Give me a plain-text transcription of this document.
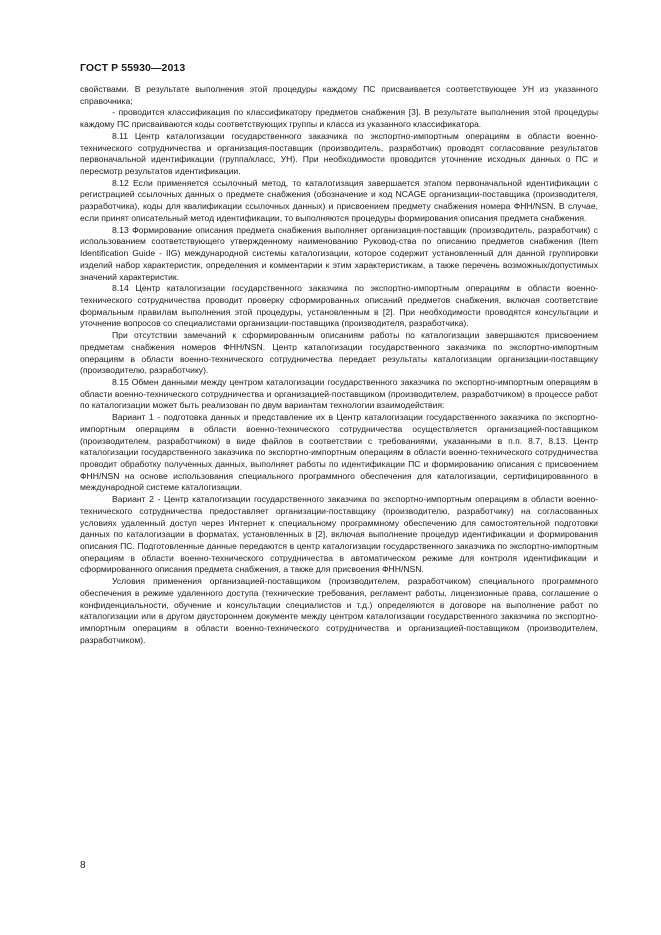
ГОСТ Р 55930—2013

свойствами. В результате выполнения этой процедуры каждому ПС присваивается соответствующее УН из указанного справочника;

- проводится классификация по классификатору предметов снабжения [3]. В результате выполнения этой процедуры каждому ПС присваиваются коды соответствующих группы и класса из указанного классификатора.

8.11 Центр каталогизации государственного заказчика по экспортно-импортным операциям в области военно-технического сотрудничества и организация-поставщик (производитель, разработчик) проводят согласование результатов первоначальной идентификации (группа/класс, УН). При необходимости проводится уточнение исходных данных о ПС и пересмотр результатов идентификации.

8.12 Если применяется ссылочный метод, то каталогизация завершается этапом первоначальной идентификации с регистрацией ссылочных данных о предмете снабжения (обозначение и код NCAGE организации-поставщика (производителя, разработчика), коды для квалификации ссылочных данных) и присвоением предмету снабжения номера ФНН/NSN. В случае, если принят описательный метод идентификации, то выполняются процедуры формирования описания предмета снабжения.

8.13 Формирование описания предмета снабжения выполняет организация-поставщик (производитель, разработчик) с использованием соответствующего утвержденному наименованию Руковод-ства по описанию предметов снабжения (Item Identification Guide - IIG) международной системы каталогизации, которое содержит установленный для данной группировки изделий набор характеристик, определения и комментарии к этим характеристикам, а также перечень возможных/допустимых значений характеристик.

8.14 Центр каталогизации государственного заказчика по экспортно-импортным операциям в области военно-технического сотрудничества проводит проверку сформированных описаний предметов снабжения, включая соответствие формальным правилам выполнения этой процедуры, установленным в [2]. При необходимости проводятся консультации и уточнение вопросов со специалистами организации-поставщика (производителя, разработчика).

При отсутствии замечаний к сформированным описаниям работы по каталогизации завершаются присвоением предметам снабжения номеров ФНН/NSN. Центр каталогизации государственного заказчика по экспортно-импортным операциям в области военно-технического сотрудничества передает результаты каталогизации организации-поставщику (производителю, разработчику).

8.15 Обмен данными между центром каталогизации государственного заказчика по экспортно-импортным операциям в области военно-технического сотрудничества и организацией-поставщиком (производителем, разработчиком) в процессе работ по каталогизации может быть реализован по двум вариантам технологии взаимодействия:

Вариант 1 - подготовка данных и представление их в Центр каталогизации государственного заказчика по экспортно-импортным операциям в области военно-технического сотрудничества осуществляется организацией-поставщиком (производителем, разработчиком) в виде файлов в соответствии с требованиями, указанными в п.п. 8.7, 8.13. Центр каталогизации государственного заказчика по экспортно-импортным операциям в области военно-технического сотрудничества проводит обработку полученных данных, выполняет работы по идентификации ПС и формированию описания с присвоением ФНН/NSN на основе использования специального программного обеспечения для каталогизации, сертифицированного в международной системе каталогизации.

Вариант 2 - Центр каталогизации государственного заказчика по экспортно-импортным операциям в области военно-технического сотрудничества предоставляет организации-поставщику (производителю, разработчику) на согласованных условиях удаленный доступ через Интернет к специальному программному обеспечению для самостоятельной подготовки данных по каталогизации в форматах, установленных в [2], включая выполнение процедур идентификации и формирования описания ПС. Подготовленные данные передаются в центр каталогизации государственного заказчика по экспортно-импортным операциям в области военно-технического сотрудничества в автоматическом режиме для контроля идентификации и сформированного описания предмета снабжения, а также для присвоения ФНН/NSN.

Условия применения организацией-поставщиком (производителем, разработчиком) специального программного обеспечения в режиме удаленного доступа (технические требования, регламент работы, лицензионные права, соглашение о конфиденциальности, обучение и консультации специалистов и т.д.) определяются в договоре на выполнение работ по каталогизации или в другом двустороннем документе между центром каталогизации государственного заказчика по экспортно-импортным операциям в области военно-технического сотрудничества и организацией-поставщиком (производителем, разработчиком).

8
